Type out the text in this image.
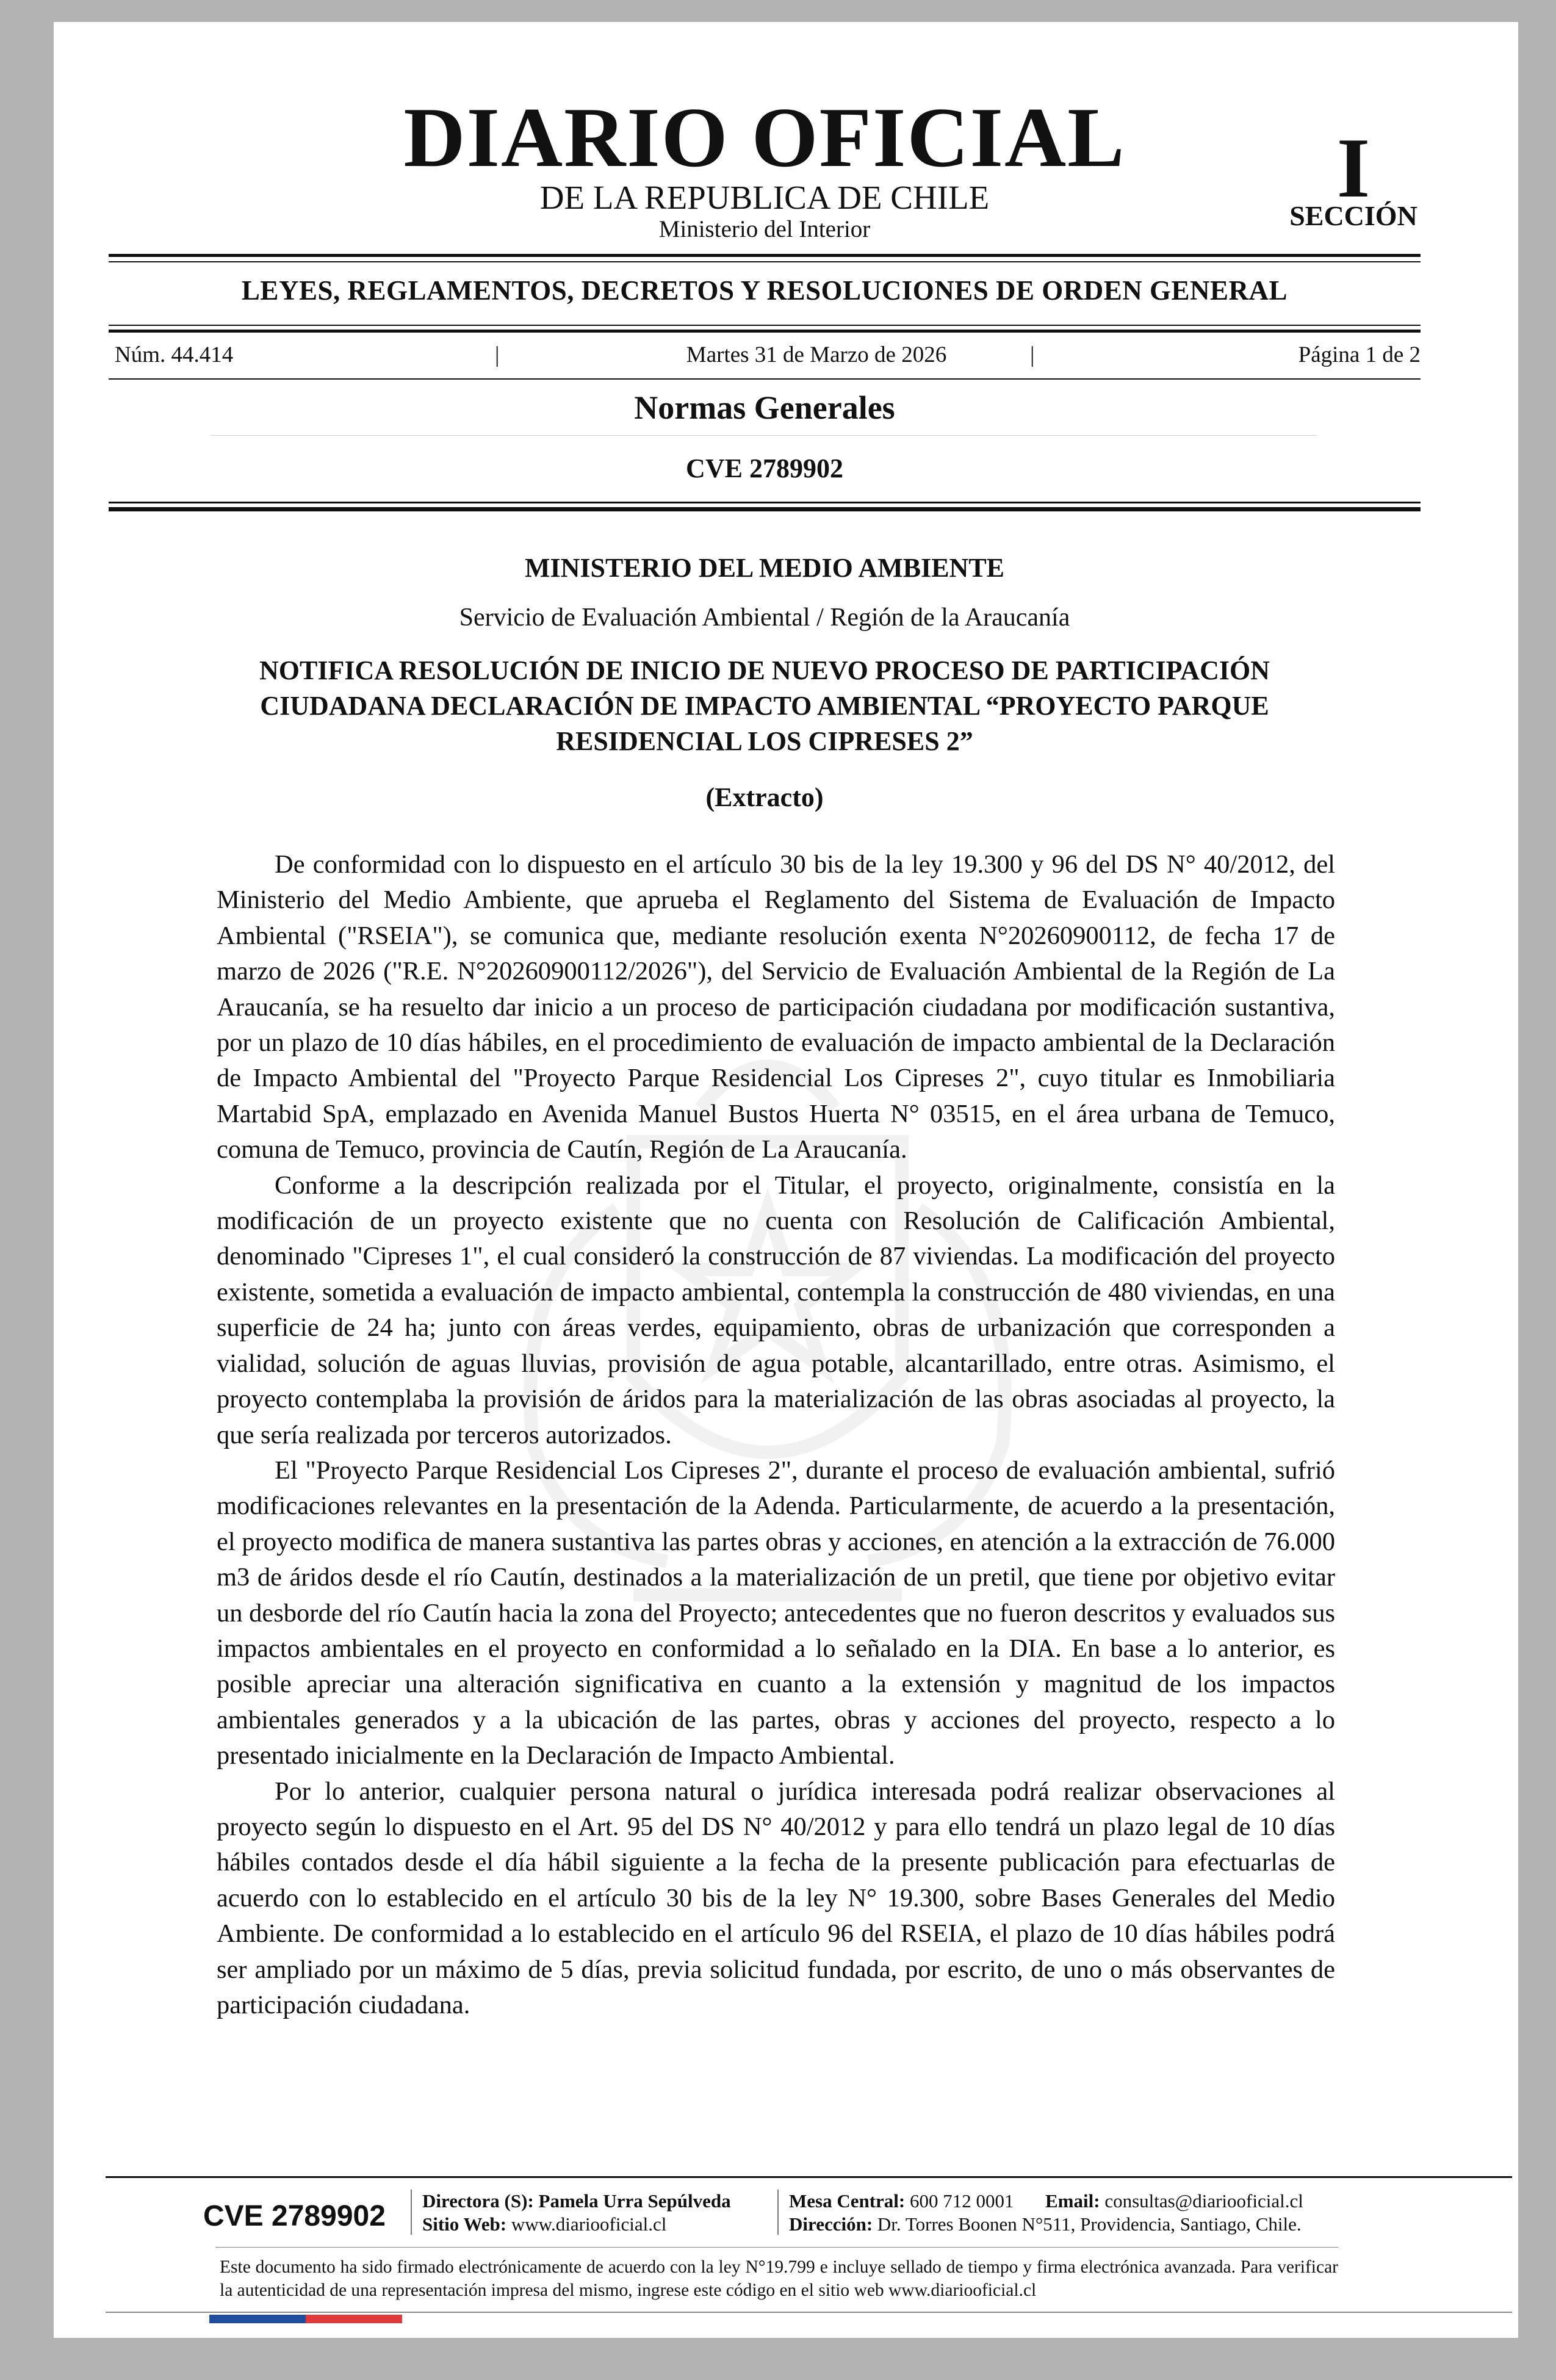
DIARIO OFICIAL
DE LA REPUBLICA DE CHILE
Ministerio del Interior
I
SECCIÓN
LEYES, REGLAMENTOS, DECRETOS Y RESOLUCIONES DE ORDEN GENERAL
Núm. 44.414	|	Martes 31 de Marzo de 2026	|	Página 1 de 2
Normas Generales
CVE 2789902
MINISTERIO DEL MEDIO AMBIENTE
Servicio de Evaluación Ambiental / Región de la Araucanía
NOTIFICA RESOLUCIÓN DE INICIO DE NUEVO PROCESO DE PARTICIPACIÓN CIUDADANA DECLARACIÓN DE IMPACTO AMBIENTAL “PROYECTO PARQUE RESIDENCIAL LOS CIPRESES 2”
(Extracto)

De conformidad con lo dispuesto en el artículo 30 bis de la ley 19.300 y 96 del DS N° 40/2012, del Ministerio del Medio Ambiente, que aprueba el Reglamento del Sistema de Evaluación de Impacto Ambiental ("RSEIA"), se comunica que, mediante resolución exenta N°20260900112, de fecha 17 de marzo de 2026 ("R.E. N°20260900112/2026"), del Servicio de Evaluación Ambiental de la Región de La Araucanía, se ha resuelto dar inicio a un proceso de participación ciudadana por modificación sustantiva, por un plazo de 10 días hábiles, en el procedimiento de evaluación de impacto ambiental de la Declaración de Impacto Ambiental del "Proyecto Parque Residencial Los Cipreses 2", cuyo titular es Inmobiliaria Martabid SpA, emplazado en Avenida Manuel Bustos Huerta N° 03515, en el área urbana de Temuco, comuna de Temuco, provincia de Cautín, Región de La Araucanía.

Conforme a la descripción realizada por el Titular, el proyecto, originalmente, consistía en la modificación de un proyecto existente que no cuenta con Resolución de Calificación Ambiental, denominado "Cipreses 1", el cual consideró la construcción de 87 viviendas. La modificación del proyecto existente, sometida a evaluación de impacto ambiental, contempla la construcción de 480 viviendas, en una superficie de 24 ha; junto con áreas verdes, equipamiento, obras de urbanización que corresponden a vialidad, solución de aguas lluvias, provisión de agua potable, alcantarillado, entre otras. Asimismo, el proyecto contemplaba la provisión de áridos para la materialización de las obras asociadas al proyecto, la que sería realizada por terceros autorizados.

El "Proyecto Parque Residencial Los Cipreses 2", durante el proceso de evaluación ambiental, sufrió modificaciones relevantes en la presentación de la Adenda. Particularmente, de acuerdo a la presentación, el proyecto modifica de manera sustantiva las partes obras y acciones, en atención a la extracción de 76.000 m3 de áridos desde el río Cautín, destinados a la materialización de un pretil, que tiene por objetivo evitar un desborde del río Cautín hacia la zona del Proyecto; antecedentes que no fueron descritos y evaluados sus impactos ambientales en el proyecto en conformidad a lo señalado en la DIA. En base a lo anterior, es posible apreciar una alteración significativa en cuanto a la extensión y magnitud de los impactos ambientales generados y a la ubicación de las partes, obras y acciones del proyecto, respecto a lo presentado inicialmente en la Declaración de Impacto Ambiental.

Por lo anterior, cualquier persona natural o jurídica interesada podrá realizar observaciones al proyecto según lo dispuesto en el Art. 95 del DS N° 40/2012 y para ello tendrá un plazo legal de 10 días hábiles contados desde el día hábil siguiente a la fecha de la presente publicación para efectuarlas de acuerdo con lo establecido en el artículo 30 bis de la ley N° 19.300, sobre Bases Generales del Medio Ambiente. De conformidad a lo establecido en el artículo 96 del RSEIA, el plazo de 10 días hábiles podrá ser ampliado por un máximo de 5 días, previa solicitud fundada, por escrito, de uno o más observantes de participación ciudadana.

CVE 2789902 Directora (S): Pamela Urra Sepúlveda
Sitio Web: www.diariooficial.cl
Mesa Central: 600 712 0001 Email: consultas@diariooficial.cl
Dirección: Dr. Torres Boonen N°511, Providencia, Santiago, Chile.
Este documento ha sido firmado electrónicamente de acuerdo con la ley N°19.799 e incluye sellado de tiempo y firma electrónica avanzada. Para verificar la autenticidad de una representación impresa del mismo, ingrese este código en el sitio web www.diariooficial.cl
